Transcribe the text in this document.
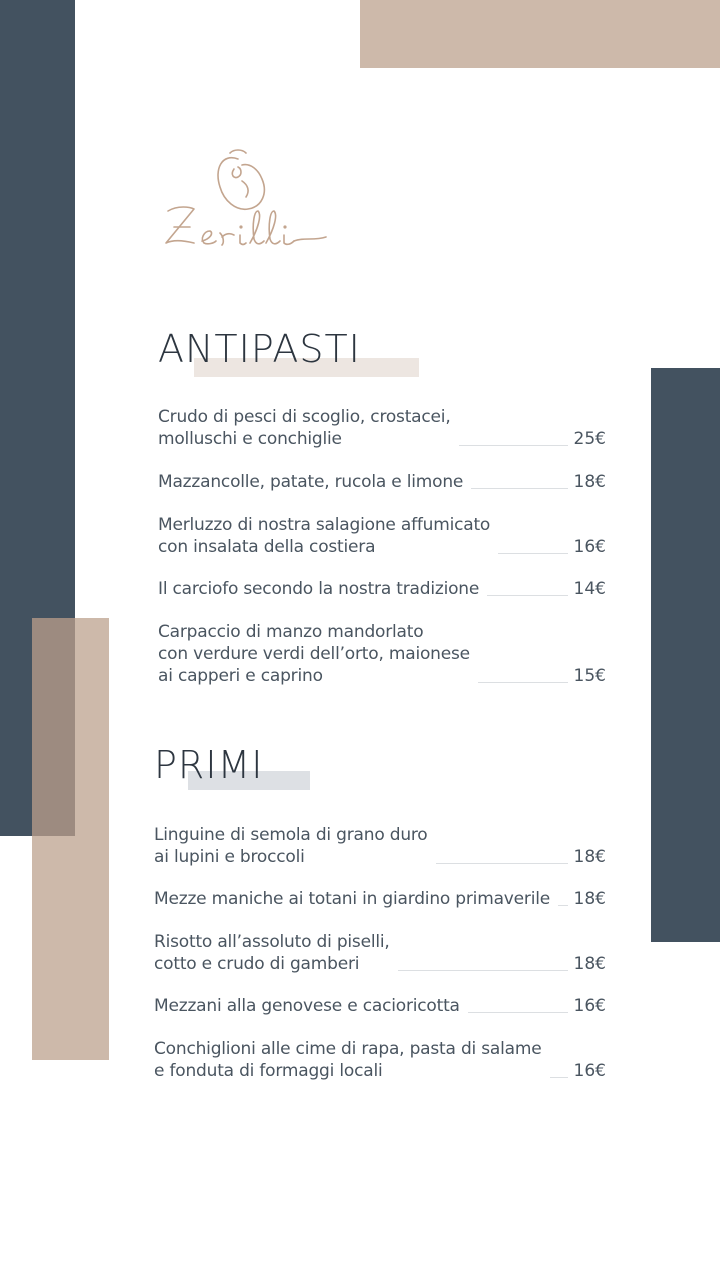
ANTIPASTI
Crudo di pesci di scoglio, crostacei,
molluschi e conchiglie	25€
Mazzancolle, patate, rucola e limone	18€
Merluzzo di nostra salagione affumicato
con insalata della costiera	16€
Il carciofo secondo la nostra tradizione	14€
Carpaccio di manzo mandorlato
con verdure verdi dell’orto, maionese
ai capperi e caprino	15€
PRIMI
Linguine di semola di grano duro
ai lupini e broccoli	18€
Mezze maniche ai totani in giardino primaverile 18€
Risotto all’assoluto di piselli,
cotto e crudo di gamberi	18€
Mezzani alla genovese e cacioricotta	16€
Conchiglioni alle cime di rapa, pasta di salame
e fonduta di formaggi locali	16€
